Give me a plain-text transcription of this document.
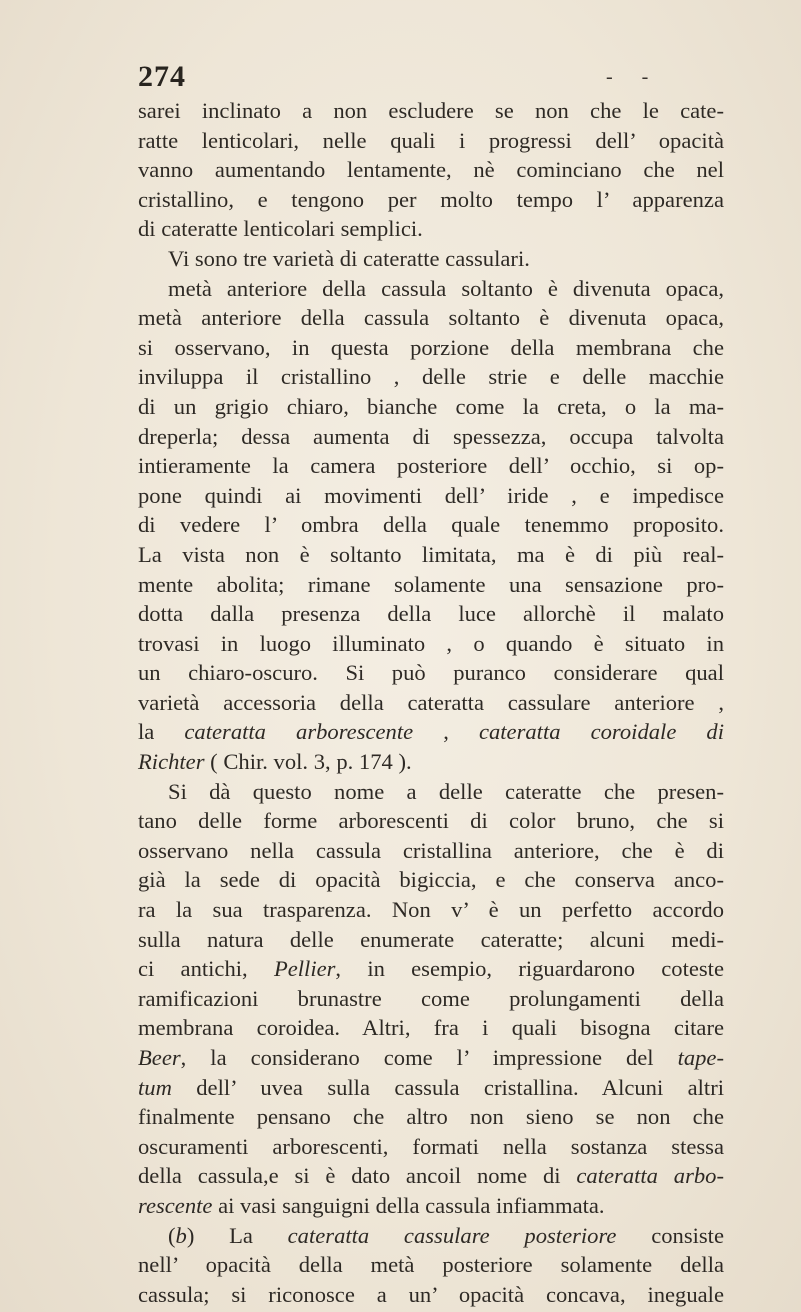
274	- -
sarei inclinato a non escludere se non che le cate-
ratte lenticolari, nelle quali i progressi dell’ opacità
vanno aumentando lentamente, nè cominciano che nel
cristallino, e tengono per molto tempo l’ apparenza
di cateratte lenticolari semplici.
Vi sono tre varietà di cateratte cassulari.
metà anteriore della cassula soltanto è divenuta opaca,
metà anteriore della cassula soltanto è divenuta opaca,
si osservano, in questa porzione della membrana che
inviluppa il cristallino , delle strie e delle macchie
di un grigio chiaro, bianche come la creta, o la ma-
dreperla; dessa aumenta di spessezza, occupa talvolta
intieramente la camera posteriore dell’ occhio, si op-
pone quindi ai movimenti dell’ iride , e impedisce
di vedere l’ ombra della quale tenemmo proposito.
La vista non è soltanto limitata, ma è di più real-
mente abolita; rimane solamente una sensazione pro-
dotta dalla presenza della luce allorchè il malato
trovasi in luogo illuminato , o quando è situato in
un chiaro-oscuro. Si può puranco considerare qual
varietà accessoria della cateratta cassulare anteriore ,
la cateratta arborescente , cateratta coroidale di
Richter ( Chir. vol. 3, p. 174 ).
Si dà questo nome a delle cateratte che presen-
tano delle forme arborescenti di color bruno, che si
osservano nella cassula cristallina anteriore, che è di
già la sede di opacità bigiccia, e che conserva anco-
ra la sua trasparenza. Non v’ è un perfetto accordo
sulla natura delle enumerate cateratte; alcuni medi-
ci antichi, Pellier, in esempio, riguardarono coteste
ramificazioni brunastre come prolungamenti della
membrana coroidea. Altri, fra i quali bisogna citare
Beer, la considerano come l’ impressione del tape-
tum dell’ uvea sulla cassula cristallina. Alcuni altri
finalmente pensano che altro non sieno se non che
oscuramenti arborescenti, formati nella sostanza stessa
della cassula,e si è dato ancoil nome di cateratta arbo-
rescente ai vasi sanguigni della cassula infiammata.
(b) La cateratta cassulare posteriore consiste
nell’ opacità della metà posteriore solamente della
cassula; si riconosce a un’ opacità concava, ineguale
